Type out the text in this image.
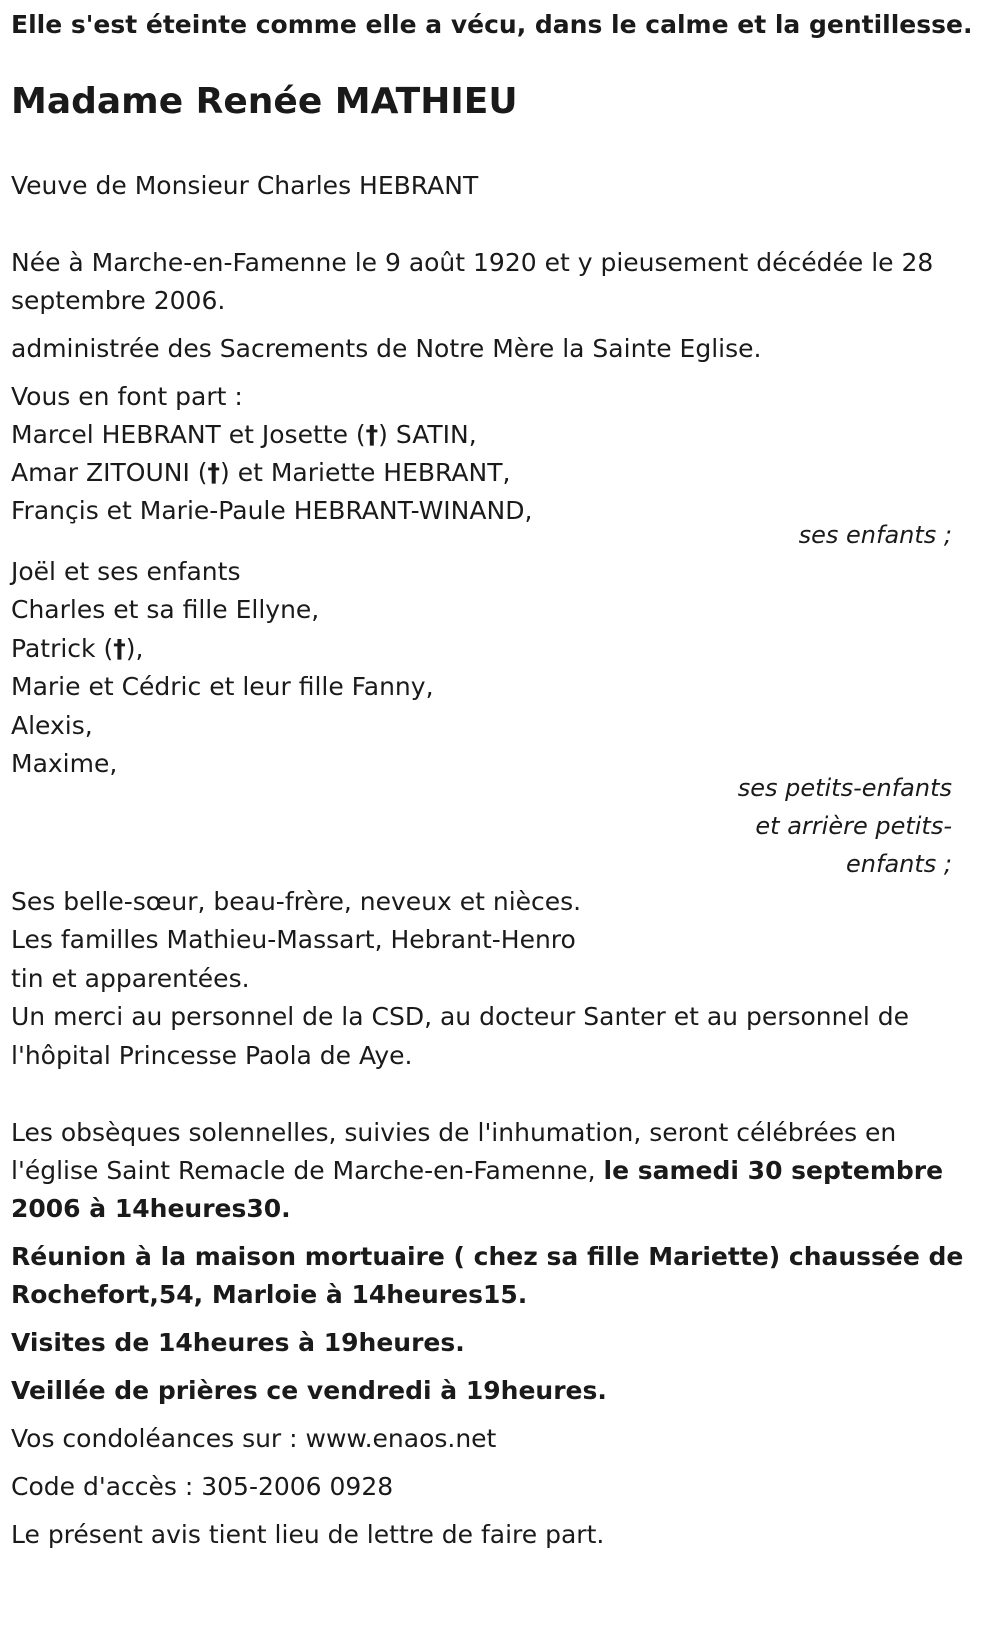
Elle s'est éteinte comme elle a vécu, dans le calme et la gentillesse.

Madame Renée MATHIEU

Veuve de Monsieur Charles HEBRANT

Née à Marche-en-Famenne le 9 août 1920 et y pieusement décédée le 28

septembre 2006.

administrée des Sacrements de Notre Mère la Sainte Eglise.

Vous en font part :

Marcel HEBRANT et Josette (†) SATIN,

Amar ZITOUNI (†) et Mariette HEBRANT,

Françis et Marie-Paule HEBRANT-WINAND,

ses enfants ;

Joël et ses enfants

Charles et sa fille Ellyne,

Patrick (†),

Marie et Cédric et leur fille Fanny,

Alexis,

Maxime,

ses petits-enfants

et arrière petits-

enfants ;

Ses belle-sœur, beau-frère, neveux et nièces.

Les familles Mathieu-Massart, Hebrant-Henro

tin et apparentées.

Un merci au personnel de la CSD, au docteur Santer et au personnel de

l'hôpital Princesse Paola de Aye.

Les obsèques solennelles, suivies de l'inhumation, seront célébrées en

l'église Saint Remacle de Marche-en-Famenne, le samedi 30 septembre

2006 à 14heures30.

Réunion à la maison mortuaire ( chez sa fille Mariette) chaussée de

Rochefort,54, Marloie à 14heures15.

Visites de 14heures à 19heures.

Veillée de prières ce vendredi à 19heures.

Vos condoléances sur : www.enaos.net

Code d'accès : 305-2006 0928

Le présent avis tient lieu de lettre de faire part.
